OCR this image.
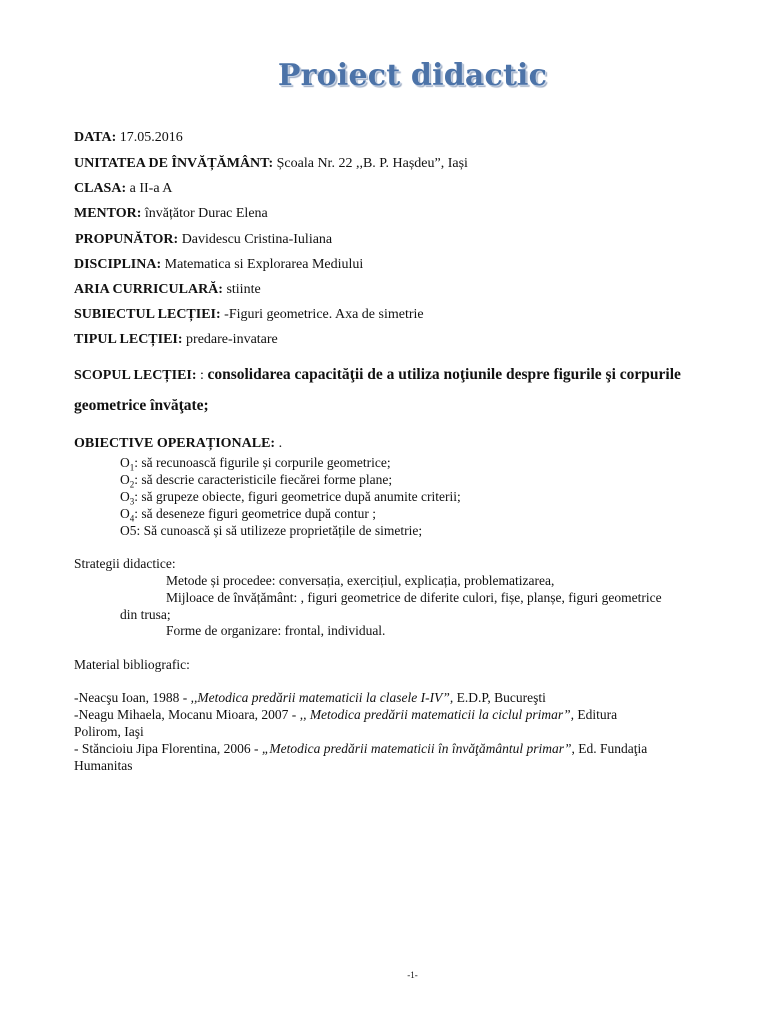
Proiect didactic
DATA: 17.05.2016
UNITATEA DE ÎNVĂȚĂMÂNT: Școala Nr. 22 ,,B. P. Hașdeu”, Iași
CLASA: a II-a A
MENTOR: învățător Durac Elena
PROPUNĂTOR: Davidescu Cristina-Iuliana
DISCIPLINA: Matematica si Explorarea Mediului
ARIA CURRICULARĂ: stiinte
SUBIECTUL LECȚIEI: -Figuri geometrice. Axa de simetrie
TIPUL LECȚIEI: predare-invatare
SCOPUL LECȚIEI: : consolidarea capacităţii de a utiliza noţiunile despre figurile şi corpurile
geometrice învăţate;
OBIECTIVE OPERAȚIONALE: .
$O_1$: să recunoască figurile și corpurile geometrice;
$O_2$: să descrie caracteristicile fiecărei forme plane;
$O_3$: să grupeze obiecte, figuri geometrice după anumite criterii;
$O_4$: să deseneze figuri geometrice după contur ;
O5: Să cunoască și să utilizeze proprietățile de simetrie;
Strategii didactice:
Metode și procedee: conversația, exercițiul, explicația, problematizarea,
Mijloace de învățământ: , figuri geometrice de diferite culori, fișe, planșe, figuri geometrice
din trusa;
Forme de organizare: frontal, individual.
Material bibliografic:
-Neacşu Ioan, 1988 - ,,Metodica predării matematicii la clasele I-IV”, E.D.P, Bucureşti
-Neagu Mihaela, Mocanu Mioara, 2007 - ,, Metodica predării matematicii la ciclul primar”, Editura
Polirom, Iaşi
- Stăncioiu Jipa Florentina, 2006 - „Metodica predării matematicii în învăţământul primar”, Ed. Fundaţia
Humanitas
-1-
